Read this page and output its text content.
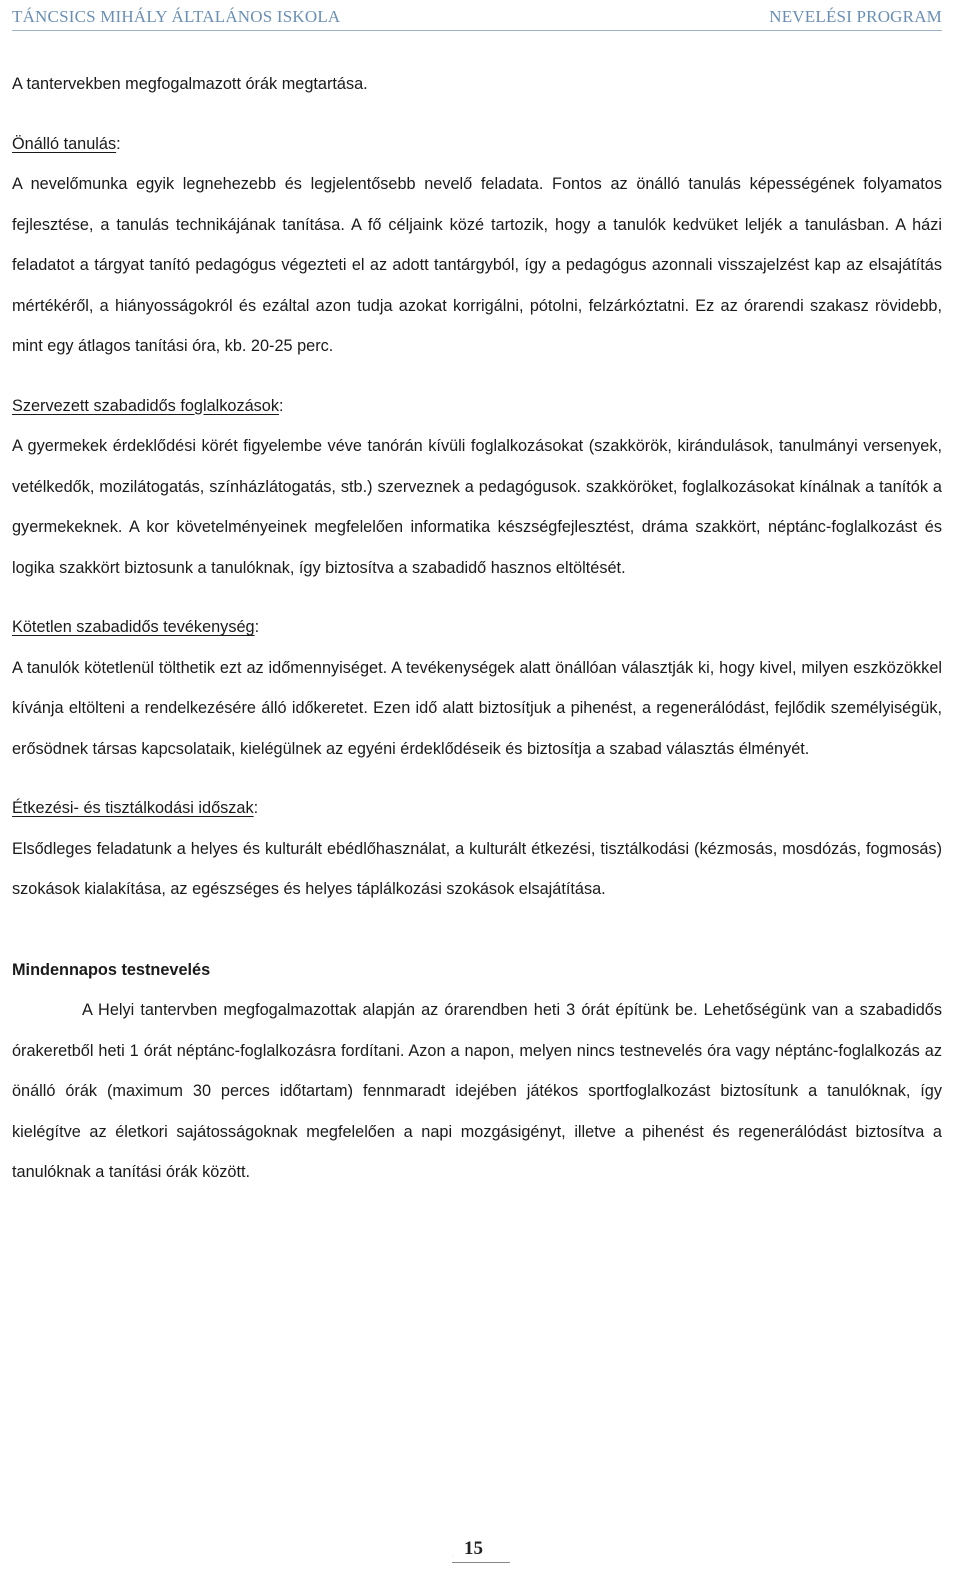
TÁNCSICS MIHÁLY ÁLTALÁNOS ISKOLA	NEVELÉSI PROGRAM

A tantervekben megfogalmazott órák megtartása.

Önálló tanulás:

A nevelőmunka egyik legnehezebb és legjelentősebb nevelő feladata. Fontos az önálló tanulás képességének folyamatos fejlesztése, a tanulás technikájának tanítása. A fő céljaink közé tartozik, hogy a tanulók kedvüket leljék a tanulásban. A házi feladatot a tárgyat tanító pedagógus végezteti el az adott tantárgyból, így a pedagógus azonnali visszajelzést kap az elsajátítás mértékéről, a hiányosságokról és ezáltal azon tudja azokat korrigálni, pótolni, felzárkóztatni. Ez az órarendi szakasz rövidebb, mint egy átlagos tanítási óra, kb. 20-25 perc.

Szervezett szabadidős foglalkozások:

A gyermekek érdeklődési körét figyelembe véve tanórán kívüli foglalkozásokat (szakkörök, kirándulások, tanulmányi versenyek, vetélkedők, mozilátogatás, színházlátogatás, stb.) szerveznek a pedagógusok. szakköröket, foglalkozásokat kínálnak a tanítók a gyermekeknek. A kor követelményeinek megfelelően informatika készségfejlesztést, dráma szakkört, néptánc-foglalkozást és logika szakkört biztosunk a tanulóknak, így biztosítva a szabadidő hasznos eltöltését.

Kötetlen szabadidős tevékenység:

A tanulók kötetlenül tölthetik ezt az időmennyiséget. A tevékenységek alatt önállóan választják ki, hogy kivel, milyen eszközökkel kívánja eltölteni a rendelkezésére álló időkeretet. Ezen idő alatt biztosítjuk a pihenést, a regenerálódást, fejlődik személyiségük, erősödnek társas kapcsolataik, kielégülnek az egyéni érdeklődéseik és biztosítja a szabad választás élményét.

Étkezési- és tisztálkodási időszak:

Elsődleges feladatunk a helyes és kulturált ebédlőhasználat, a kulturált étkezési, tisztálkodási (kézmosás, mosdózás, fogmosás) szokások kialakítása, az egészséges és helyes táplálkozási szokások elsajátítása.

Mindennapos testnevelés

A Helyi tantervben megfogalmazottak alapján az órarendben heti 3 órát építünk be. Lehetőségünk van a szabadidős órakeretből heti 1 órát néptánc-foglalkozásra fordítani. Azon a napon, melyen nincs testnevelés óra vagy néptánc-foglalkozás az önálló órák (maximum 30 perces időtartam) fennmaradt idejében játékos sportfoglalkozást biztosítunk a tanulóknak, így kielégítve az életkori sajátosságoknak megfelelően a napi mozgásigényt, illetve a pihenést és regenerálódást biztosítva a tanulóknak a tanítási órák között.

· 15
